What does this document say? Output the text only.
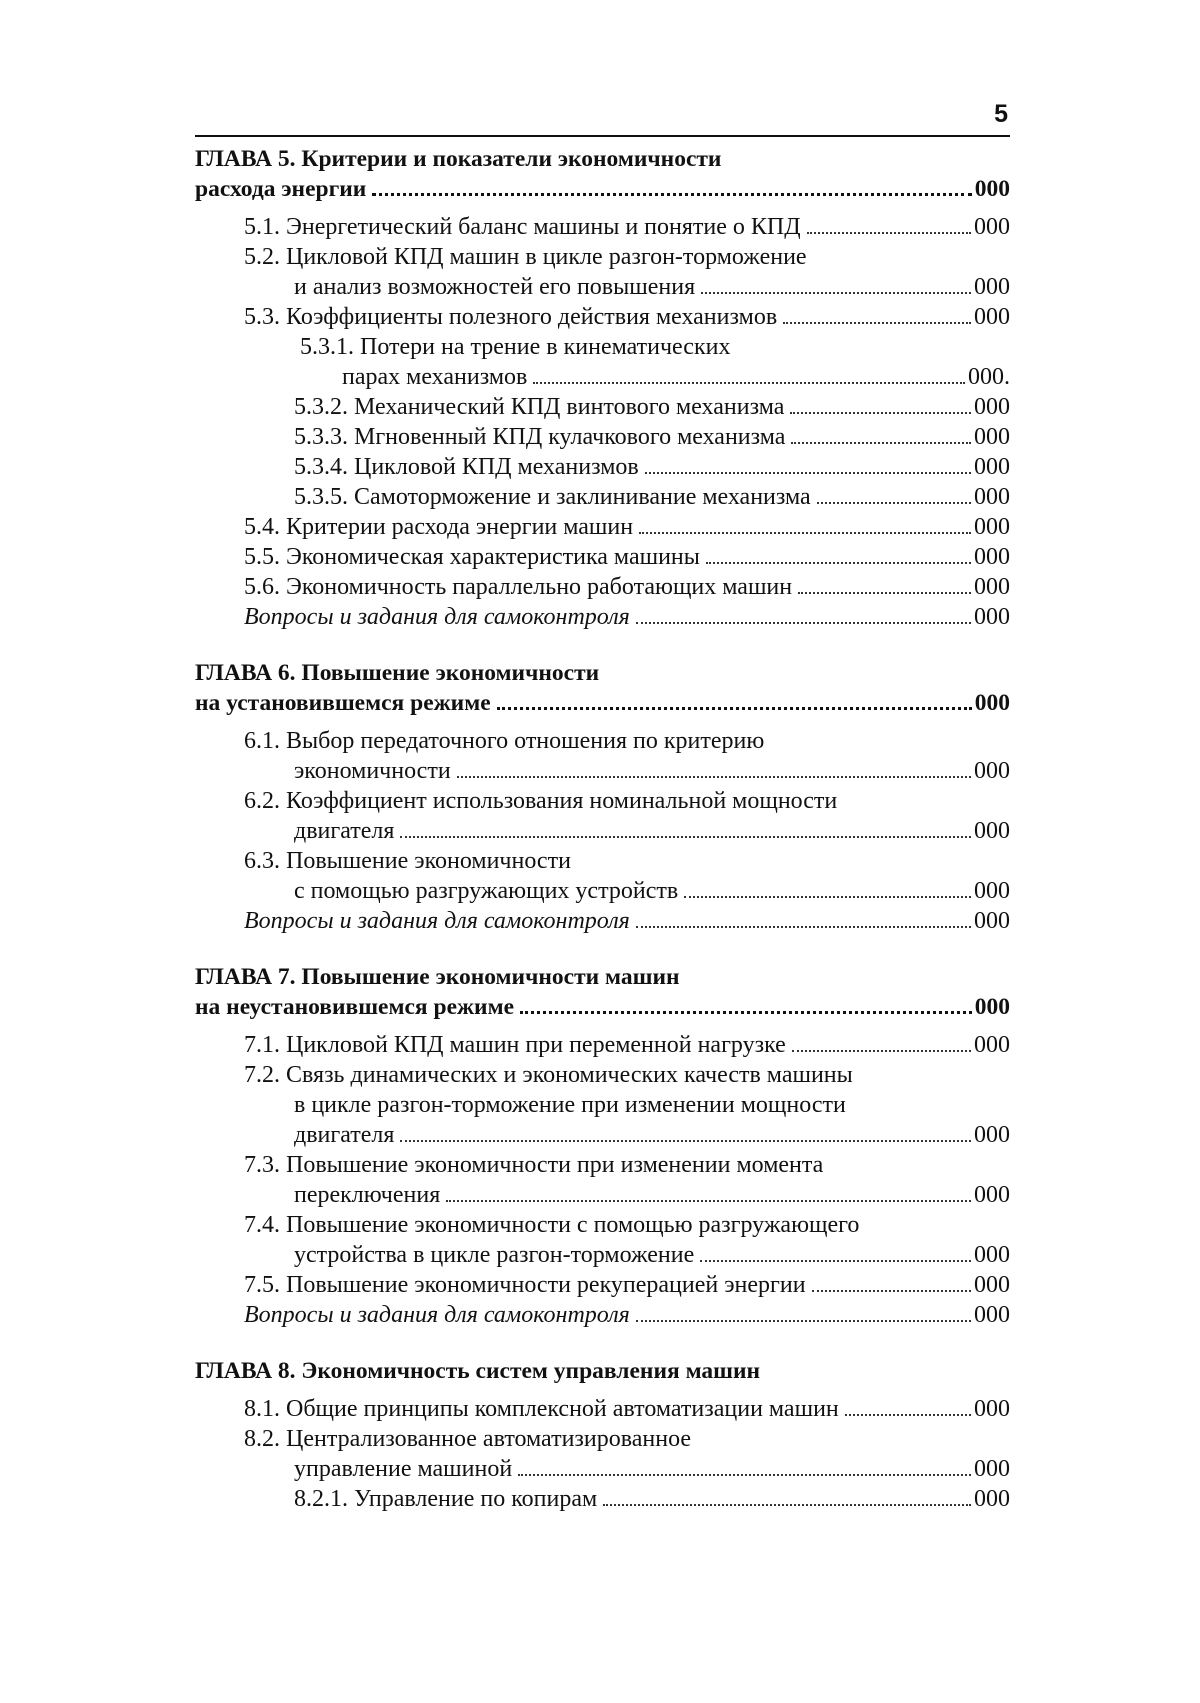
5
ГЛАВА 5. Критерии и показатели экономичности
расхода энергии	000
5.1. Энергетический баланс машины и понятие о КПД	000
5.2. Цикловой КПД машин в цикле разгон-торможение
и анализ возможностей его повышения	000
5.3. Коэффициенты полезного действия механизмов	000
5.3.1. Потери на трение в кинематических
парах механизмов	000.
5.3.2. Механический КПД винтового механизма	000
5.3.3. Мгновенный КПД кулачкового механизма	000
5.3.4. Цикловой КПД механизмов	000
5.3.5. Самоторможение и заклинивание механизма	000
5.4. Критерии расхода энергии машин	000
5.5. Экономическая характеристика машины	000
5.6. Экономичность параллельно работающих машин	000
Вопросы и задания для самоконтроля	000
ГЛАВА 6. Повышение экономичности
на установившемся режиме	000
6.1. Выбор передаточного отношения по критерию
экономичности	000
6.2. Коэффициент использования номинальной мощности
двигателя	000
6.3. Повышение экономичности
с помощью разгружающих устройств	000
Вопросы и задания для самоконтроля	000
ГЛАВА 7. Повышение экономичности машин
на неустановившемся режиме	000
7.1. Цикловой КПД машин при переменной нагрузке	000
7.2. Связь динамических и экономических качеств машины
в цикле разгон-торможение при изменении мощности
двигателя	000
7.3. Повышение экономичности при изменении момента
переключения	000
7.4. Повышение экономичности с помощью разгружающего
устройства в цикле разгон-торможение	000
7.5. Повышение экономичности рекуперацией энергии	000
Вопросы и задания для самоконтроля	000
ГЛАВА 8. Экономичность систем управления машин
8.1. Общие принципы комплексной автоматизации машин	000
8.2. Централизованное автоматизированное
управление машиной	000
8.2.1. Управление по копирам	000
